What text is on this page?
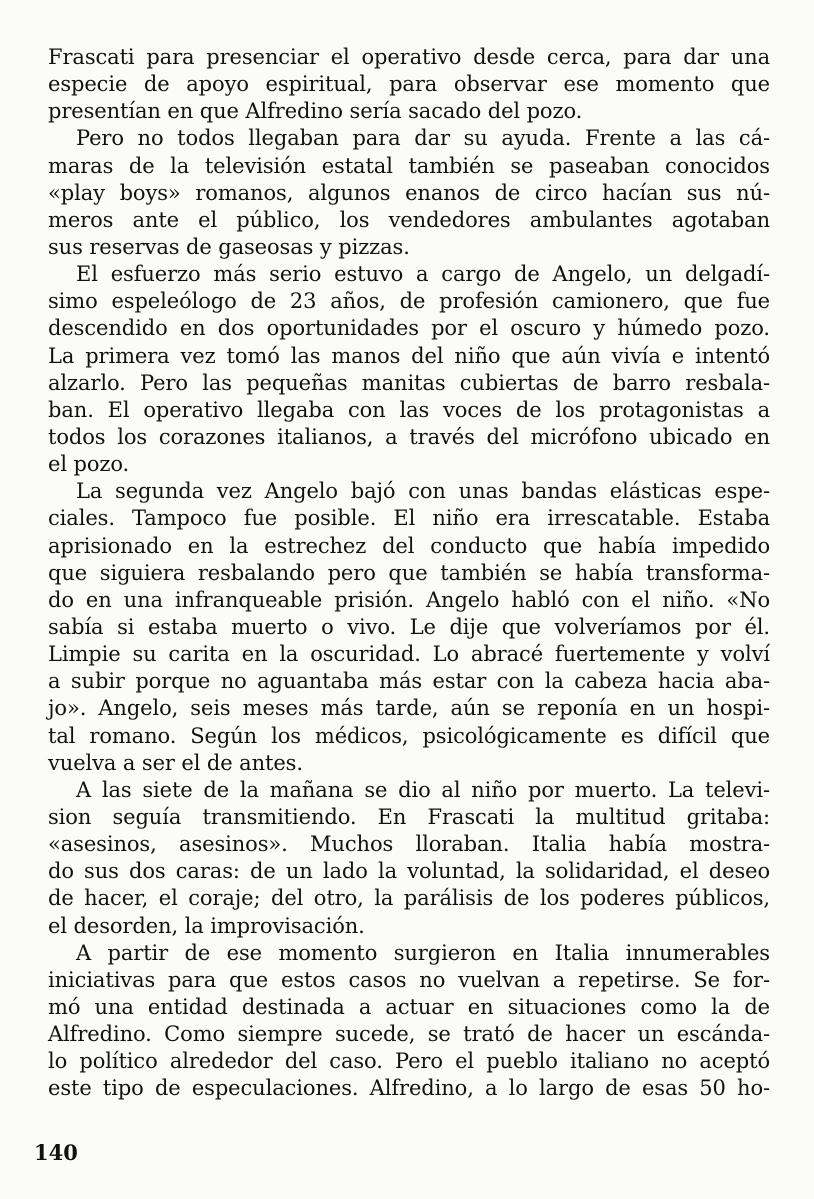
Frascati para presenciar el operativo desde cerca, para dar una
especie de apoyo espiritual, para observar ese momento que
presentían en que Alfredino sería sacado del pozo.
Pero no todos llegaban para dar su ayuda. Frente a las cá-
maras de la televisión estatal también se paseaban conocidos
«play boys» romanos, algunos enanos de circo hacían sus nú-
meros ante el público, los vendedores ambulantes agotaban
sus reservas de gaseosas y pizzas.
El esfuerzo más serio estuvo a cargo de Angelo, un delgadí-
simo espeleólogo de 23 años, de profesión camionero, que fue
descendido en dos oportunidades por el oscuro y húmedo pozo.
La primera vez tomó las manos del niño que aún vivía e intentó
alzarlo. Pero las pequeñas manitas cubiertas de barro resbala-
ban. El operativo llegaba con las voces de los protagonistas a
todos los corazones italianos, a través del micrófono ubicado en
el pozo.
La segunda vez Angelo bajó con unas bandas elásticas espe-
ciales. Tampoco fue posible. El niño era irrescatable. Estaba
aprisionado en la estrechez del conducto que había impedido
que siguiera resbalando pero que también se había transforma-
do en una infranqueable prisión. Angelo habló con el niño. «No
sabía si estaba muerto o vivo. Le dije que volveríamos por él.
Limpie su carita en la oscuridad. Lo abracé fuertemente y volví
a subir porque no aguantaba más estar con la cabeza hacia aba-
jo». Angelo, seis meses más tarde, aún se reponía en un hospi-
tal romano. Según los médicos, psicológicamente es difícil que
vuelva a ser el de antes.
A las siete de la mañana se dio al niño por muerto. La televi-
sion seguía transmitiendo. En Frascati la multitud gritaba:
«asesinos, asesinos». Muchos lloraban. Italia había mostra-
do sus dos caras: de un lado la voluntad, la solidaridad, el deseo
de hacer, el coraje; del otro, la parálisis de los poderes públicos,
el desorden, la improvisación.
A partir de ese momento surgieron en Italia innumerables
iniciativas para que estos casos no vuelvan a repetirse. Se for-
mó una entidad destinada a actuar en situaciones como la de
Alfredino. Como siempre sucede, se trató de hacer un escánda-
lo político alrededor del caso. Pero el pueblo italiano no aceptó
este tipo de especulaciones. Alfredino, a lo largo de esas 50 ho-
140
